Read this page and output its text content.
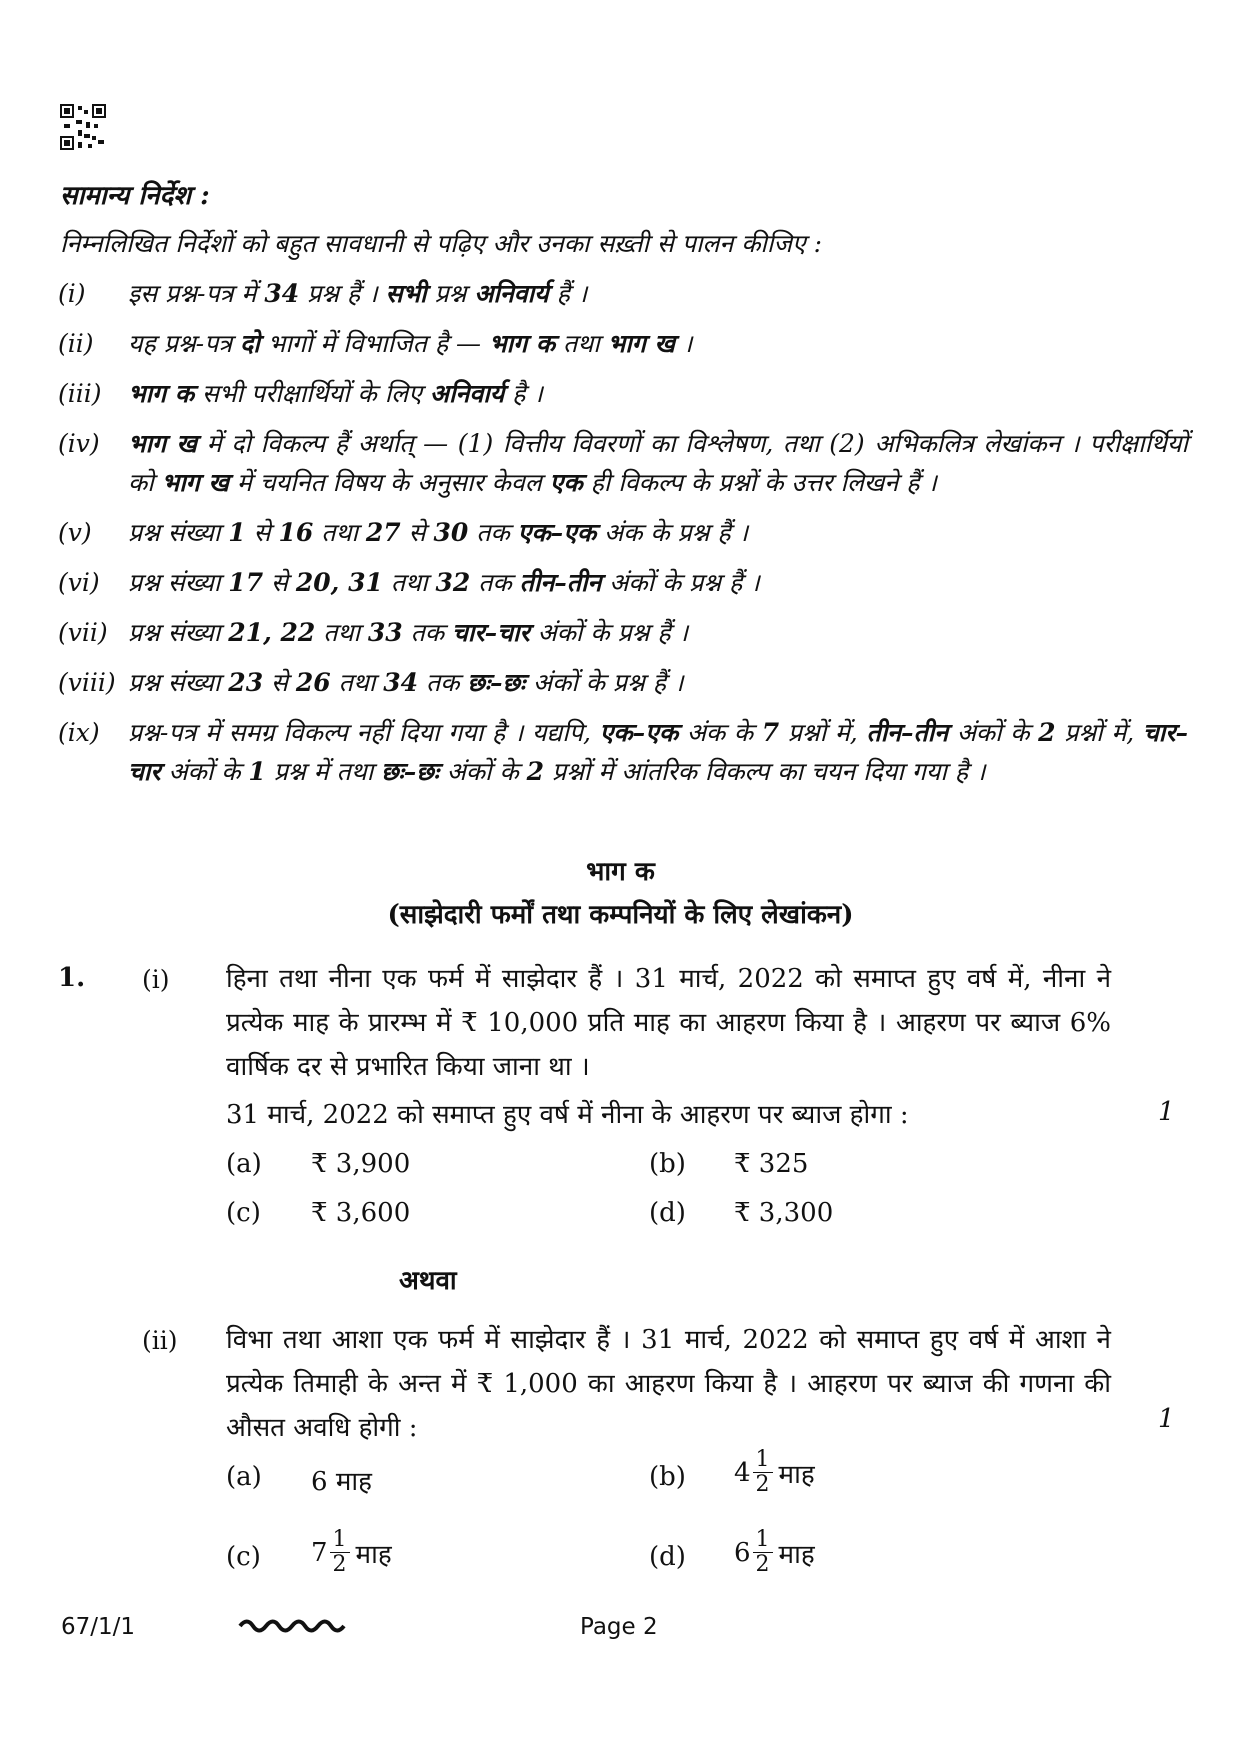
सामान्य निर्देश :
निम्नलिखित निर्देशों को बहुत सावधानी से पढ़िए और उनका सख़्ती से पालन कीजिए :
(i) इस प्रश्न-पत्र में 34 प्रश्न हैं । सभी प्रश्न अनिवार्य हैं ।
(ii) यह प्रश्न-पत्र दो भागों में विभाजित है — भाग क तथा भाग ख ।
(iii) भाग क सभी परीक्षार्थियों के लिए अनिवार्य है ।
(iv) भाग ख में दो विकल्प हैं अर्थात् — (1) वित्तीय विवरणों का विश्लेषण, तथा (2) अभिकलित्र लेखांकन । परीक्षार्थियों को भाग ख में चयनित विषय के अनुसार केवल एक ही विकल्प के प्रश्नों के उत्तर लिखने हैं ।
(v) प्रश्न संख्या 1 से 16 तथा 27 से 30 तक एक–एक अंक के प्रश्न हैं ।
(vi) प्रश्न संख्या 17 से 20, 31 तथा 32 तक तीन–तीन अंकों के प्रश्न हैं ।
(vii) प्रश्न संख्या 21, 22 तथा 33 तक चार–चार अंकों के प्रश्न हैं ।
(viii) प्रश्न संख्या 23 से 26 तथा 34 तक छः–छः अंकों के प्रश्न हैं ।
(ix) प्रश्न-पत्र में समग्र विकल्प नहीं दिया गया है । यद्यपि, एक–एक अंक के 7 प्रश्नों में, तीन–तीन अंकों के 2 प्रश्नों में, चार–चार अंकों के 1 प्रश्न में तथा छः–छः अंकों के 2 प्रश्नों में आंतरिक विकल्प का चयन दिया गया है ।
भाग क
(साझेदारी फर्मों तथा कम्पनियों के लिए लेखांकन)
1. (i) हिना तथा नीना एक फर्म में साझेदार हैं । 31 मार्च, 2022 को समाप्त हुए वर्ष में, नीना ने प्रत्येक माह के प्रारम्भ में ₹ 10,000 प्रति माह का आहरण किया है । आहरण पर ब्याज 6% वार्षिक दर से प्रभारित किया जाना था ।
31 मार्च, 2022 को समाप्त हुए वर्ष में नीना के आहरण पर ब्याज होगा :	1
(a) ₹ 3,900	(b) ₹ 325
(c) ₹ 3,600	(d) ₹ 3,300
अथवा
(ii) विभा तथा आशा एक फर्म में साझेदार हैं । 31 मार्च, 2022 को समाप्त हुए वर्ष में आशा ने प्रत्येक तिमाही के अन्त में ₹ 1,000 का आहरण किया है । आहरण पर ब्याज की गणना की औसत अवधि होगी :	1
(a) 6 माह	(b) $4 \frac{1}{2}$ माह
(c) $7 \frac{1}{2}$ माह	(d) $6 \frac{1}{2}$ माह
67/1/1	Page 2
